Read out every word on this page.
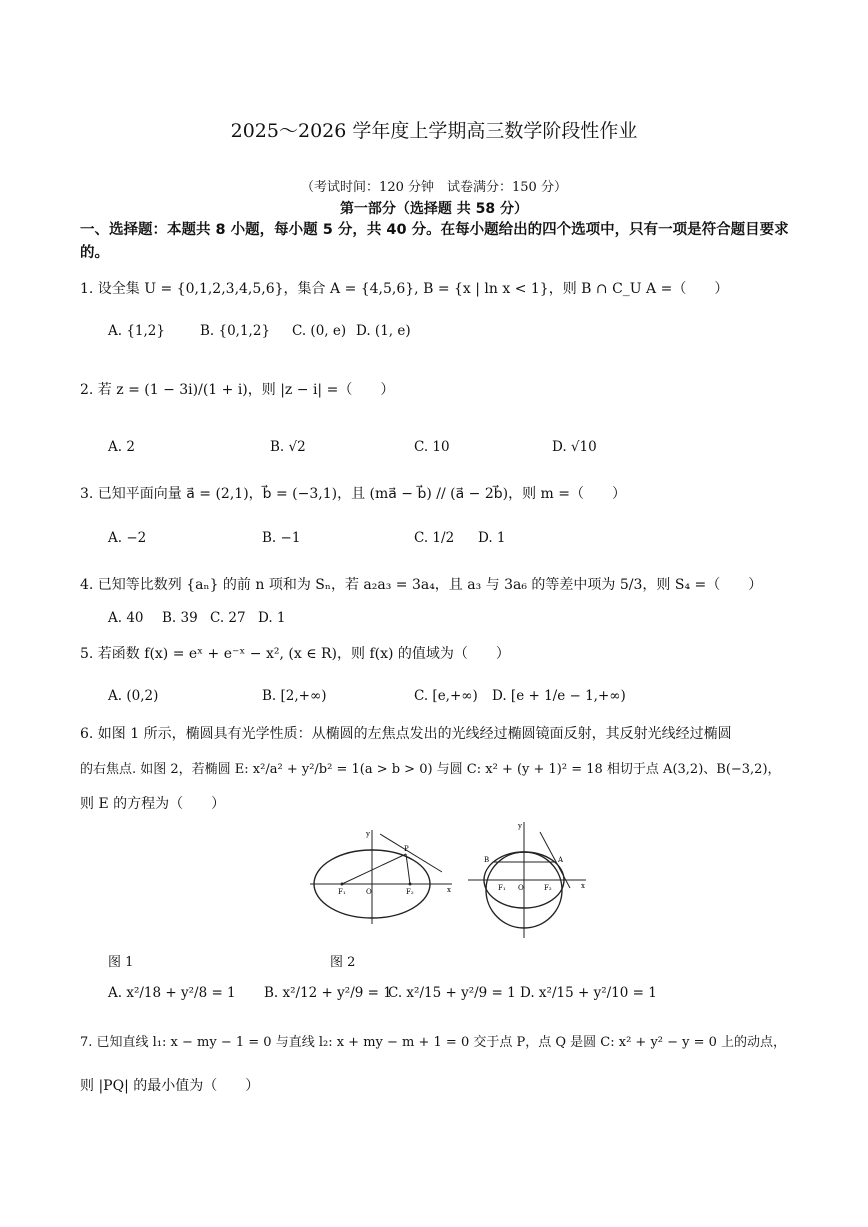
2025～2026 学年度上学期高三数学阶段性作业
（考试时间：120 分钟　试卷满分：150 分）
第一部分（选择题 共 58 分）
一、选择题：本题共 8 小题，每小题 5 分，共 40 分。在每小题给出的四个选项中，只有一项是符合题目要求的。
1. 设全集 U = {0,1,2,3,4,5,6}，集合 A = {4,5,6}, B = {x | ln x < 1}，则 B ∩ C_U A =（　　）
A. {1,2}	B. {0,1,2} C. (0, e) D. (1, e)
2. 若 z = (1 − 3i)/(1 + i)，则 |z − i| =（　　）
A. 2	B. √2	C. 10	D. √10
3. 已知平面向量 a⃗ = (2,1)，b⃗ = (−3,1)，且 (ma⃗ − b⃗) // (a⃗ − 2b⃗)，则 m =（　　）
A. −2	B. −1	C. 1/2 D. 1
4. 已知等比数列 {aₙ} 的前 n 项和为 Sₙ，若 a₂a₃ = 3a₄，且 a₃ 与 3a₆ 的等差中项为 5/3，则 S₄ =（　　）
A. 40 B. 39 C. 27 D. 1
5. 若函数 f(x) = eˣ + e⁻ˣ − x², (x ∈ R)，则 f(x) 的值域为（　　）
A. (0,2)	B. [2,+∞)	C. [e,+∞) D. [e + 1/e − 1,+∞)
6. 如图 1 所示，椭圆具有光学性质：从椭圆的左焦点发出的光线经过椭圆镜面反射，其反射光线经过椭圆
的右焦点. 如图 2，若椭圆 E: x²/a² + y²/b² = 1(a > b > 0) 与圆 C: x² + (y + 1)² = 18 相切于点 A(3,2)、B(−3,2)，
则 E 的方程为（　　）
y
x
O
F₁	F₂
P
y
x
O
F₁	F₂
B	A
图 1	图 2
A. x²/18 + y²/8 = 1 B. x²/12 + y²/9 = 1
C. x²/15 + y²/9 = 1 D. x²/15 + y²/10 = 1
7. 已知直线 l₁: x − my − 1 = 0 与直线 l₂: x + my − m + 1 = 0 交于点 P，点 Q 是圆 C: x² + y² − y = 0 上的动点，
则 |PQ| 的最小值为（　　）
